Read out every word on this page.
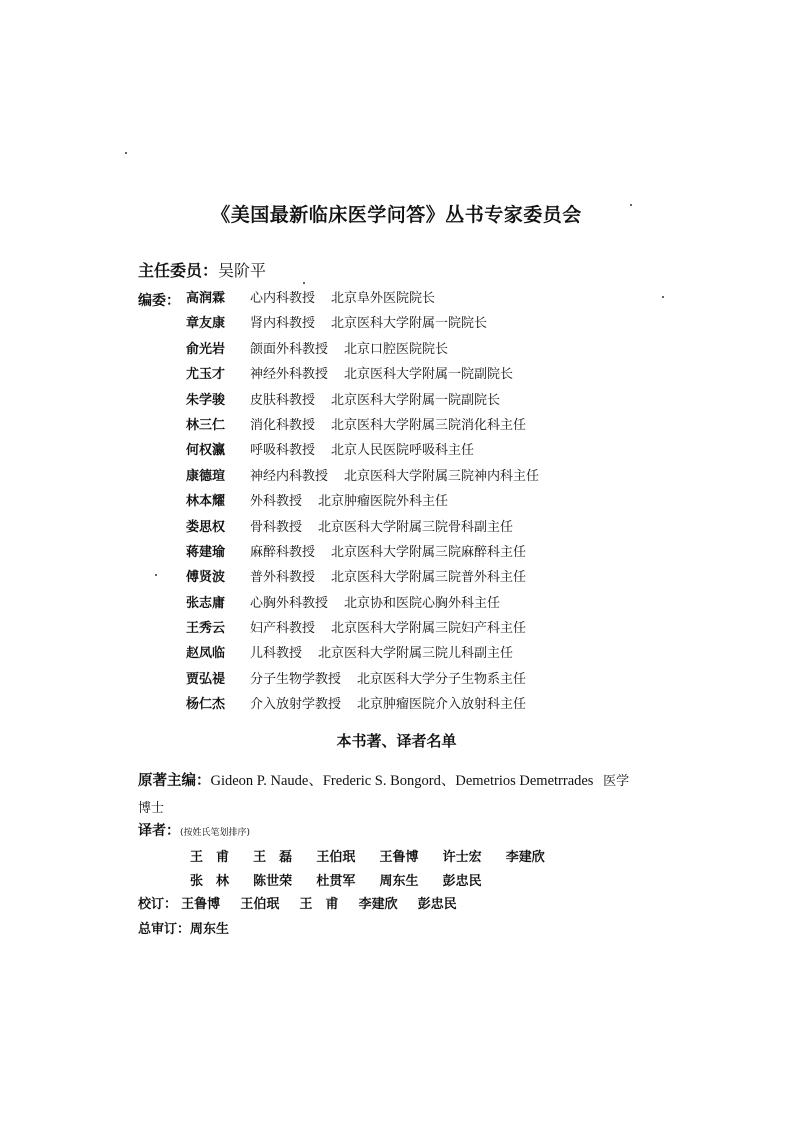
《美国最新临床医学问答》丛书专家委员会
主任委员：吴阶平
编委： 高润霖 心内科教授 北京阜外医院院长
章友康 肾内科教授 北京医科大学附属一院院长
俞光岩 颌面外科教授 北京口腔医院院长
尤玉才 神经外科教授 北京医科大学附属一院副院长
朱学骏 皮肤科教授 北京医科大学附属一院副院长
林三仁 消化科教授 北京医科大学附属三院消化科主任
何权瀛 呼吸科教授 北京人民医院呼吸科主任
康德瑄 神经内科教授 北京医科大学附属三院神内科主任
林本耀 外科教授 北京肿瘤医院外科主任
娄思权 骨科教授 北京医科大学附属三院骨科副主任
蒋建瑜 麻醉科教授 北京医科大学附属三院麻醉科主任
傅贤波 普外科教授 北京医科大学附属三院普外科主任
张志庸 心胸外科教授 北京协和医院心胸外科主任
王秀云 妇产科教授 北京医科大学附属三院妇产科主任
赵凤临 儿科教授 北京医科大学附属三院儿科副主任
贾弘禔 分子生物学教授 北京医科大学分子生物系主任
杨仁杰 介入放射学教授 北京肿瘤医院介入放射科主任
本书著、译者名单
原著主编：Gideon P. Naude、Frederic S. Bongord、Demetrios Demetrrades 医学博士
译者：(按姓氏笔划排序)
王　甫 王　磊 王伯珉 王鲁博 许士宏 李建欣
张　林 陈世荣 杜贯军 周东生 彭忠民
校订： 王鲁博 王伯珉 王　甫 李建欣 彭忠民
总审订：周东生
